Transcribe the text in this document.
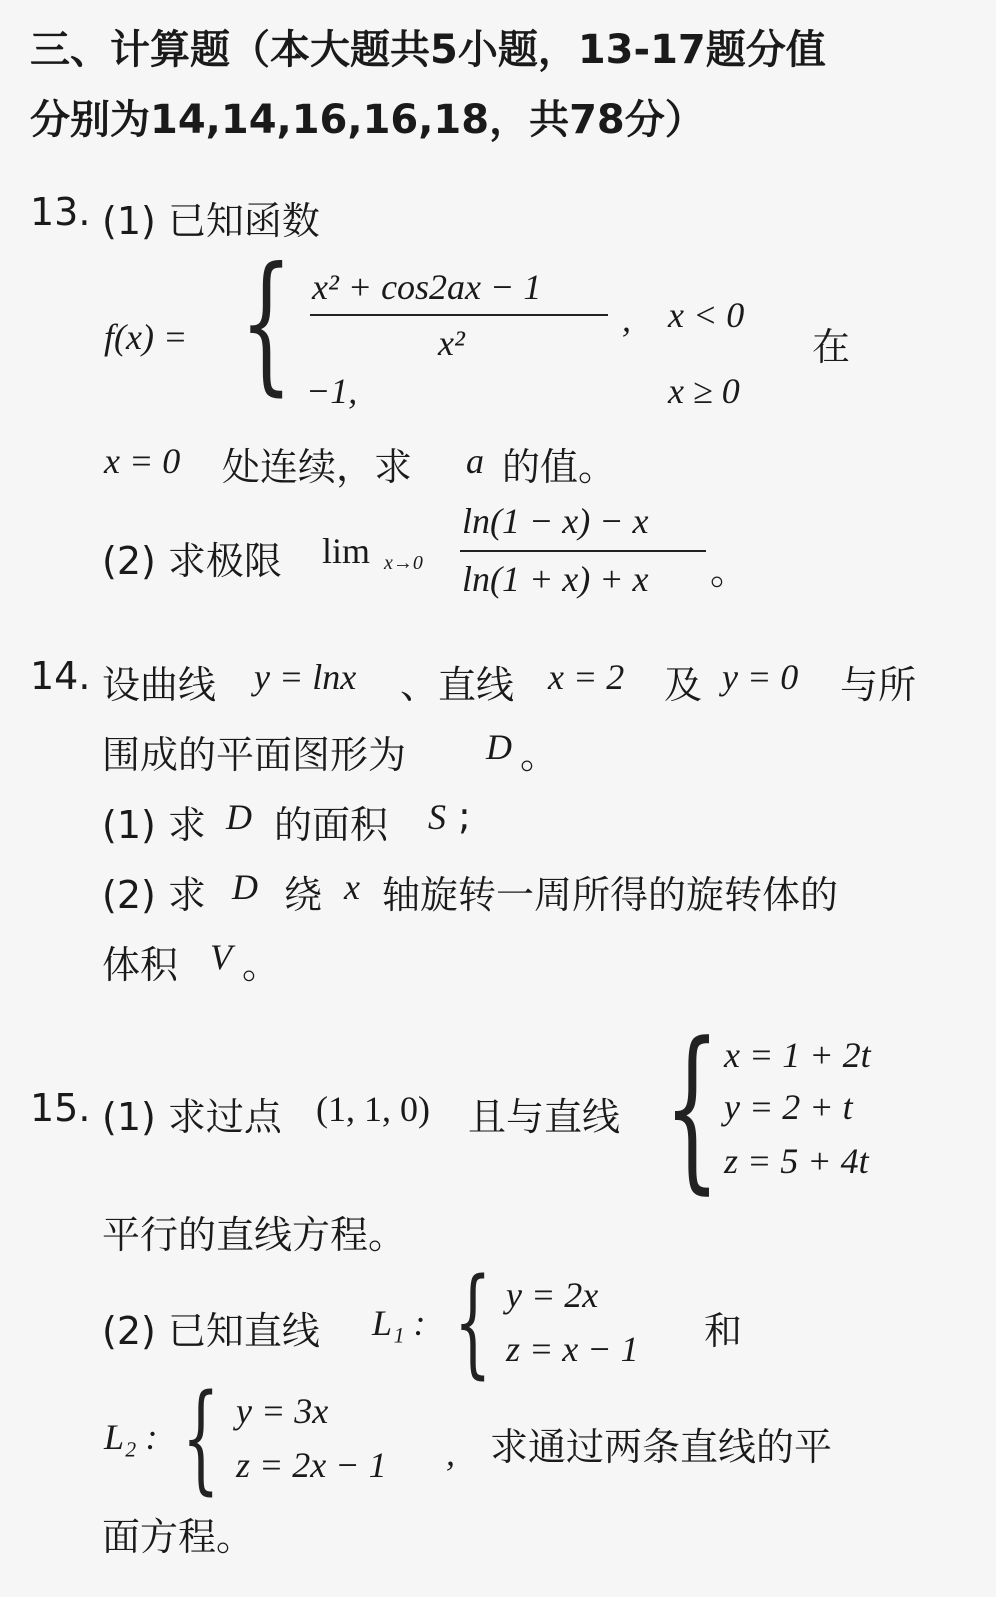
三、计算题（本大题共5小题，13-17题分值
分别为14,14,16,16,18，共78分）
13. (1) 已知函数
f(x) = { x² + cos2ax − 1
x²
, x < 0
−1,	x ≥ 0
在
x = 0 处连续，求 a 的值。
(2) 求极限 lim x→0
ln(1 − x) − x
ln(1 + x) + x 。
14. 设曲线 y = lnx 、直线 x = 2 及 y = 0 与所
围成的平面图形为 D 。
(1) 求 D 的面积 S ;
(2) 求 D 绕 x 轴旋转一周所得的旋转体的
体积 V 。
15. (1) 求过点 (1, 1, 0) 且与直线 { x = 1 + 2t
y = 2 + t
z = 5 + 4t
平行的直线方程。
(2) 已知直线 L₁ : { y = 2x
z = x − 1 和
L₂ : { y = 3x
z = 2x − 1 , 求通过两条直线的平
面方程。
